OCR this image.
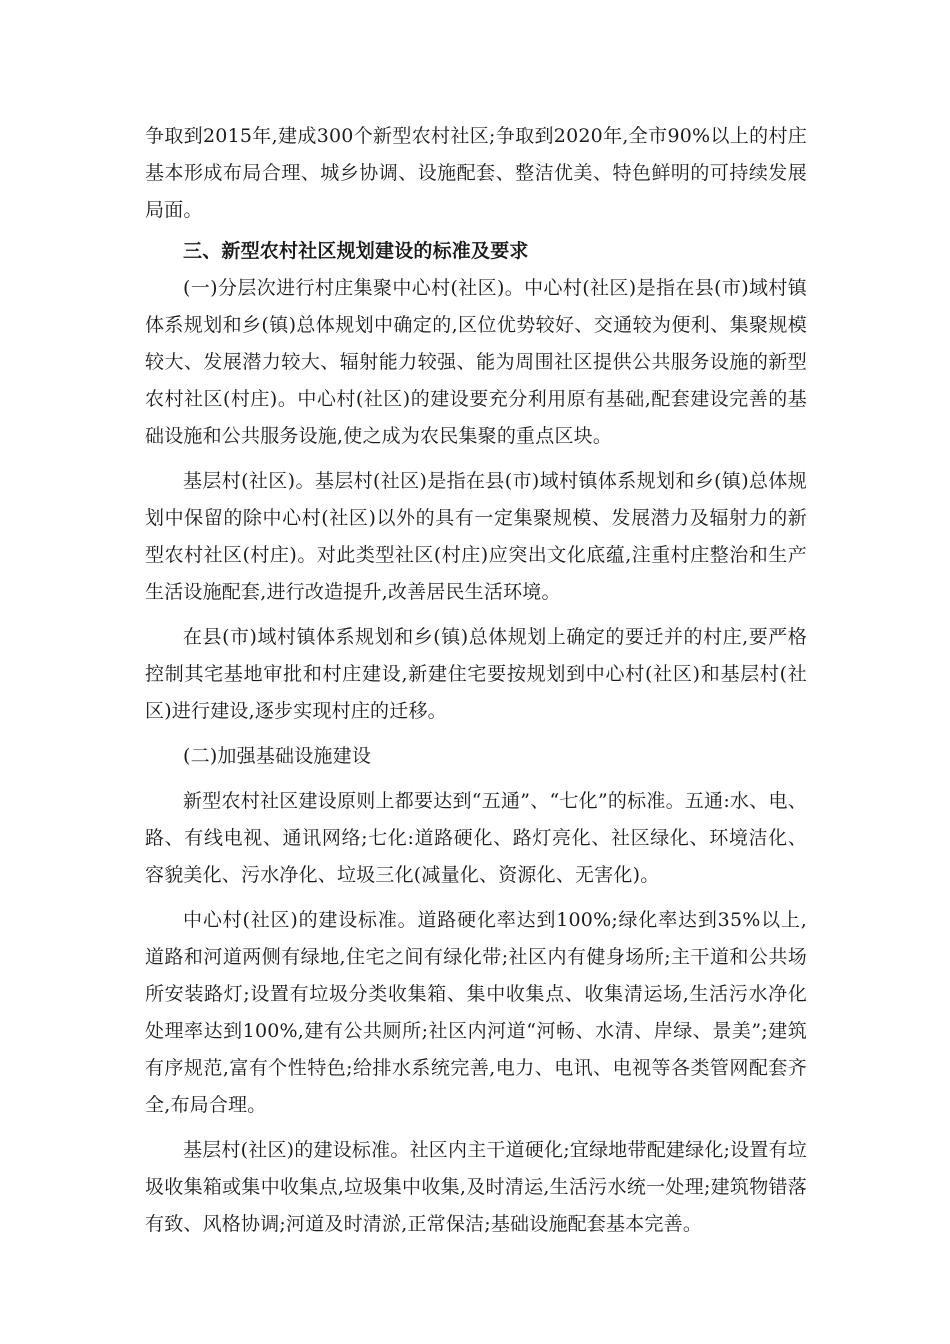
争取到2015年,建成300个新型农村社区;争取到2020年,全市90%以上的村庄基本形成布局合理、城乡协调、设施配套、整洁优美、特色鲜明的可持续发展局面。

三、新型农村社区规划建设的标准及要求

(一)分层次进行村庄集聚中心村(社区)。中心村(社区)是指在县(市)域村镇体系规划和乡(镇)总体规划中确定的,区位优势较好、交通较为便利、集聚规模较大、发展潜力较大、辐射能力较强、能为周围社区提供公共服务设施的新型农村社区(村庄)。中心村(社区)的建设要充分利用原有基础,配套建设完善的基础设施和公共服务设施,使之成为农民集聚的重点区块。

基层村(社区)。基层村(社区)是指在县(市)域村镇体系规划和乡(镇)总体规划中保留的除中心村(社区)以外的具有一定集聚规模、发展潜力及辐射力的新型农村社区(村庄)。对此类型社区(村庄)应突出文化底蕴,注重村庄整治和生产生活设施配套,进行改造提升,改善居民生活环境。

在县(市)域村镇体系规划和乡(镇)总体规划上确定的要迁并的村庄,要严格控制其宅基地审批和村庄建设,新建住宅要按规划到中心村(社区)和基层村(社区)进行建设,逐步实现村庄的迁移。

(二)加强基础设施建设

新型农村社区建设原则上都要达到“五通”、“七化”的标准。五通:水、电、路、有线电视、通讯网络;七化:道路硬化、路灯亮化、社区绿化、环境洁化、容貌美化、污水净化、垃圾三化(减量化、资源化、无害化)。

中心村(社区)的建设标准。道路硬化率达到100%;绿化率达到35%以上,道路和河道两侧有绿地,住宅之间有绿化带;社区内有健身场所;主干道和公共场所安装路灯;设置有垃圾分类收集箱、集中收集点、收集清运场,生活污水净化处理率达到100%,建有公共厕所;社区内河道“河畅、水清、岸绿、景美”;建筑有序规范,富有个性特色;给排水系统完善,电力、电讯、电视等各类管网配套齐全,布局合理。

基层村(社区)的建设标准。社区内主干道硬化;宜绿地带配建绿化;设置有垃圾收集箱或集中收集点,垃圾集中收集,及时清运,生活污水统一处理;建筑物错落有致、风格协调;河道及时清淤,正常保洁;基础设施配套基本完善。
